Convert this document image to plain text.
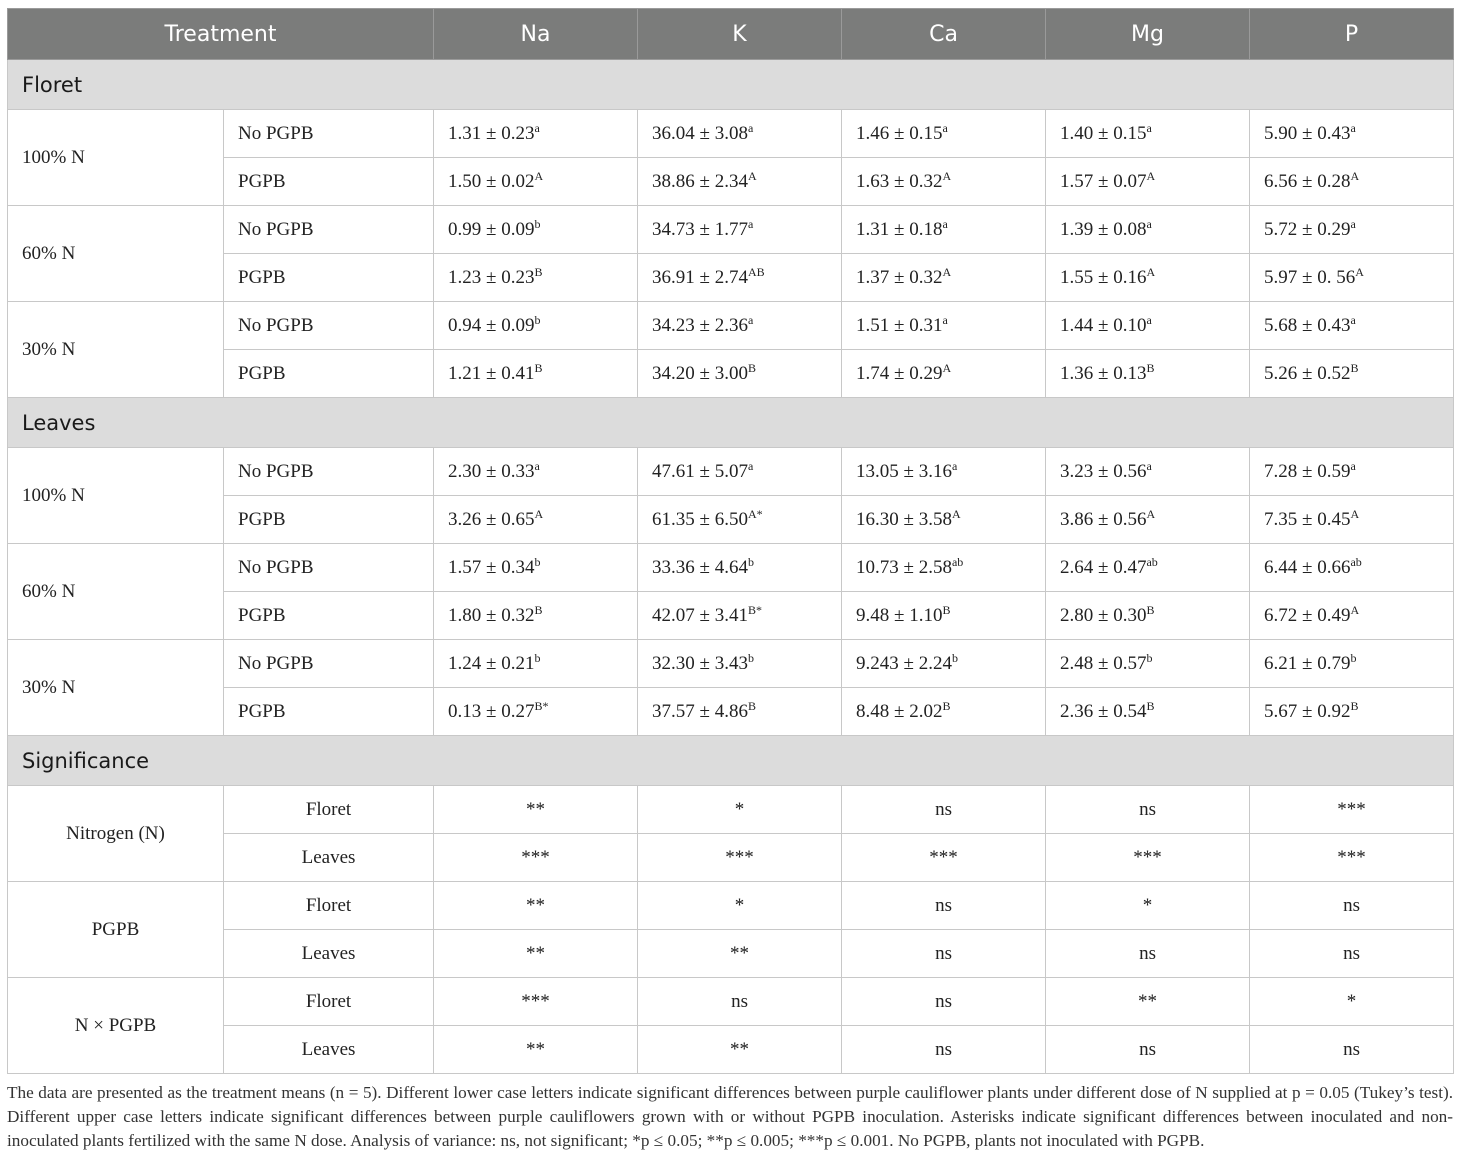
Treatment		Na	K	Ca	Mg	P
Floret						
100% N	No PGPB	1.31 ± 0.23$^a$	36.04 ± 3.08$^a$	1.46 ± 0.15$^a$	1.40 ± 0.15$^a$	5.90 ± 0.43$^a$
	PGPB	$1.50 \pm 0.02^A$	$38.86 \pm 2.34^A$	$1.63 \pm 0.32^A$	$1.57 \pm 0.07^A$	$6.56 \pm 0.28^A$
60% N	No PGPB	0.99 ± 0.09$^b$	34.73 ± 1.77$^a$	1.31 ± 0.18$^a$	1.39 ± 0.08$^a$	5.72 ± 0.29$^a$
	PGPB	$1.23 \pm 0.23^B$	$36.91 \pm 2.74^{AB}$	$1.37 \pm 0.32^A$	$1.55 \pm 0.16^A$	5.97 ± 0. $56^A$
30% N	No PGPB	0.94 ± 0.09$^b$	34.23 ± 2.36$^a$	1.51 ± 0.31$^a$	1.44 ± 0.10$^a$	5.68 ± 0.43$^a$
	PGPB	$1.21 \pm 0.41^B$	$34.20 \pm 3.00^B$	$1.74 \pm 0.29^A$	$1.36 \pm 0.13^B$	$5.26 \pm 0.52^B$
Leaves						
100% N	No PGPB	2.30 ± 0.33$^a$	47.61 ± 5.07$^a$	13.05 ± 3.16$^a$	3.23 ± 0.56$^a$	7.28 ± 0.59$^a$
	PGPB	$3.26 \pm 0.65^A$	$61.35 \pm 6.50^{A*}$	$16.30 \pm 3.58^A$	$3.86 \pm 0.56^A$	$7.35 \pm 0.45^A$
60% N	No PGPB	1.57 ± 0.34$^b$	33.36 ± 4.64$^b$	10.73 ± 2.58$^{ab}$	2.64 ± 0.47$^{ab}$	6.44 ± 0.66$^{ab}$
	PGPB	$1.80 \pm 0.32^B$	$42.07 \pm 3.41^{B*}$	$9.48 \pm 1.10^B$	$2.80 \pm 0.30^B$	$6.72 \pm 0.49^A$
30% N	No PGPB	1.24 ± 0.21$^b$	32.30 ± 3.43$^b$	9.243 ± 2.24$^b$	2.48 ± 0.57$^b$	6.21 ± 0.79$^b$
	PGPB	$0.13 \pm 0.27^{B*}$	$37.57 \pm 4.86^B$	$8.48 \pm 2.02^B$	$2.36 \pm 0.54^B$	$5.67 \pm 0.92^B$
Significance						
Nitrogen (N)	Floret	**	*	ns	ns	***
	Leaves	***	***	***	***	***
PGPB	Floret	**	*	ns	*	ns
	Leaves	**	**	ns	ns	ns
N × PGPB	Floret	***	ns	ns	**	*
	Leaves	**	**	ns	ns	ns
The data are presented as the treatment means (n = 5). Different lower case letters indicate significant differences between purple cauliflower plants under different dose of N supplied at p = 0.05 (Tukey’s test). Different upper case letters indicate significant differences between purple cauliflowers grown with or without PGPB inoculation. Asterisks indicate significant differences between inoculated and non-inoculated plants fertilized with the same N dose. Analysis of variance: ns, not significant; *p ≤ 0.05; **p ≤ 0.005; ***p ≤ 0.001. No PGPB, plants not inoculated with PGPB.
